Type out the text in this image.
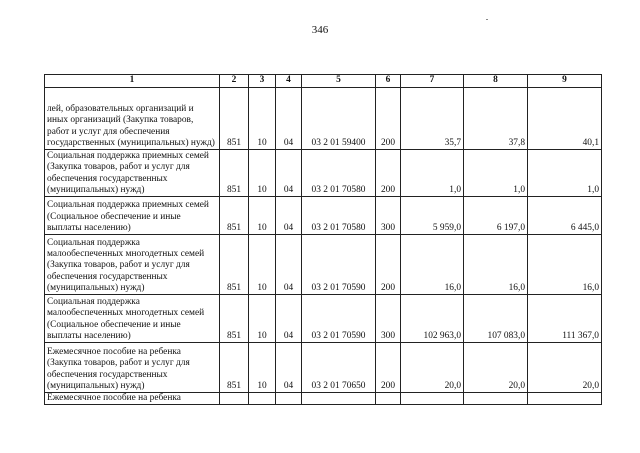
346
1	2	3	4	5	6	7	8	9
лей, образовательных организаций и иных организаций (Закупка товаров, работ и услуг для обеспечения государственных (муниципальных) нужд)	851	10	04	03 2 01 59400	200	35,7	37,8	40,1
Социальная поддержка приемных семей (Закупка товаров, работ и услуг для обеспечения государственных (муниципальных) нужд)	851	10	04	03 2 01 70580	200	1,0	1,0	1,0
Социальная поддержка приемных семей (Социальное обеспечение и иные выплаты населению)	851	10	04	03 2 01 70580	300	5 959,0	6 197,0	6 445,0
Социальная поддержка малообеспеченных многодетных семей (Закупка товаров, работ и услуг для обеспечения государственных (муниципальных) нужд)	851	10	04	03 2 01 70590	200	16,0	16,0	16,0
Социальная поддержка малообеспеченных многодетных семей (Социальное обеспечение и иные выплаты населению)	851	10	04	03 2 01 70590	300	102 963,0	107 083,0	111 367,0
Ежемесячное пособие на ребенка (Закупка товаров, работ и услуг для обеспечения государственных (муниципальных) нужд)	851	10	04	03 2 01 70650	200	20,0	20,0	20,0
Ежемесячное пособие на ребенка								
